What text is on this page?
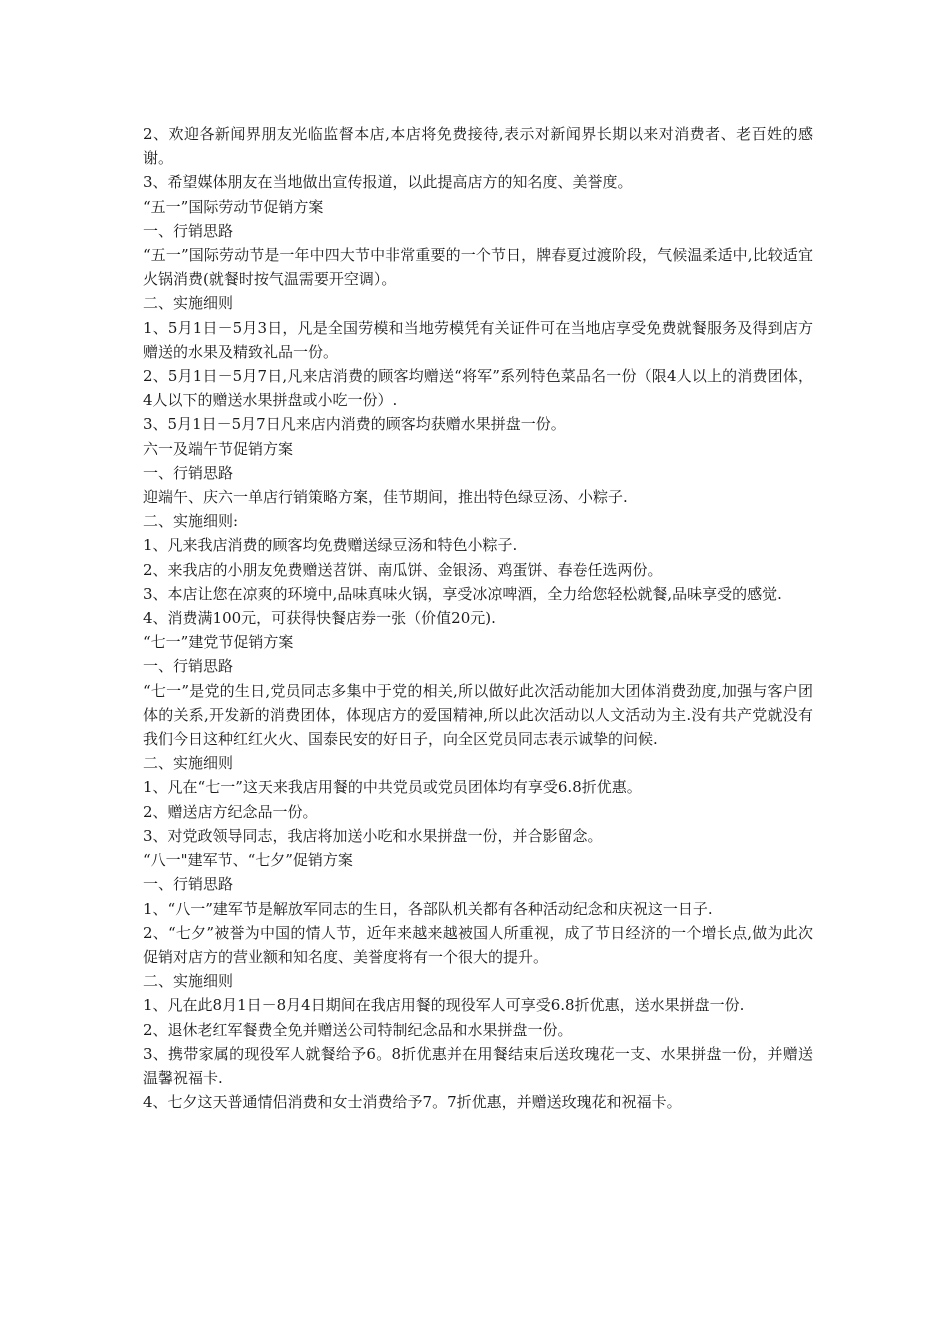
2、欢迎各新闻界朋友光临监督本店,本店将免费接待,表示对新闻界长期以来对消费者、老百姓的感谢。

3、希望媒体朋友在当地做出宣传报道，以此提高店方的知名度、美誉度。

“五一”国际劳动节促销方案

一、行销思路

“五一”国际劳动节是一年中四大节中非常重要的一个节日，牌春夏过渡阶段，气候温柔适中,比较适宜火锅消费(就餐时按气温需要开空调）。

二、实施细则

1、5月1日－5月3日，凡是全国劳模和当地劳模凭有关证件可在当地店享受免费就餐服务及得到店方赠送的水果及精致礼品一份。

2、5月1日－5月7日,凡来店消费的顾客均赠送“将军”系列特色菜品名一份（限4人以上的消费团体，4人以下的赠送水果拼盘或小吃一份）.

3、5月1日－5月7日凡来店内消费的顾客均获赠水果拼盘一份。

六一及端午节促销方案

一、行销思路

迎端午、庆六一单店行销策略方案，佳节期间，推出特色绿豆汤、小粽子.

二、实施细则:

1、凡来我店消费的顾客均免费赠送绿豆汤和特色小粽子.

2、来我店的小朋友免费赠送苕饼、南瓜饼、金银汤、鸡蛋饼、春卷任选两份。

3、本店让您在凉爽的环境中,品味真味火锅，享受冰凉啤酒，全力给您轻松就餐,品味享受的感觉.

4、消费满100元，可获得快餐店券一张（价值20元).

“七一”建党节促销方案

一、行销思路

“七一”是党的生日,党员同志多集中于党的相关,所以做好此次活动能加大团体消费劲度,加强与客户团体的关系,开发新的消费团体，体现店方的爱国精神,所以此次活动以人文活动为主.没有共产党就没有我们今日这种红红火火、国泰民安的好日子，向全区党员同志表示诚挚的问候.

二、实施细则

1、凡在“七一”这天来我店用餐的中共党员或党员团体均有享受6.8折优惠。

2、赠送店方纪念品一份。

3、对党政领导同志，我店将加送小吃和水果拼盘一份，并合影留念。

“八一"建军节、“七夕”促销方案

一、行销思路

1、“八一”建军节是解放军同志的生日，各部队机关都有各种活动纪念和庆祝这一日子.

2、“七夕”被誉为中国的情人节，近年来越来越被国人所重视，成了节日经济的一个增长点,做为此次促销对店方的营业额和知名度、美誉度将有一个很大的提升。

二、实施细则

1、凡在此8月1日－8月4日期间在我店用餐的现役军人可享受6.8折优惠，送水果拼盘一份.

2、退休老红军餐费全免并赠送公司特制纪念品和水果拼盘一份。

3、携带家属的现役军人就餐给予6。8折优惠并在用餐结束后送玫瑰花一支、水果拼盘一份，并赠送温馨祝福卡.

4、七夕这天普通情侣消费和女士消费给予7。7折优惠，并赠送玫瑰花和祝福卡。
